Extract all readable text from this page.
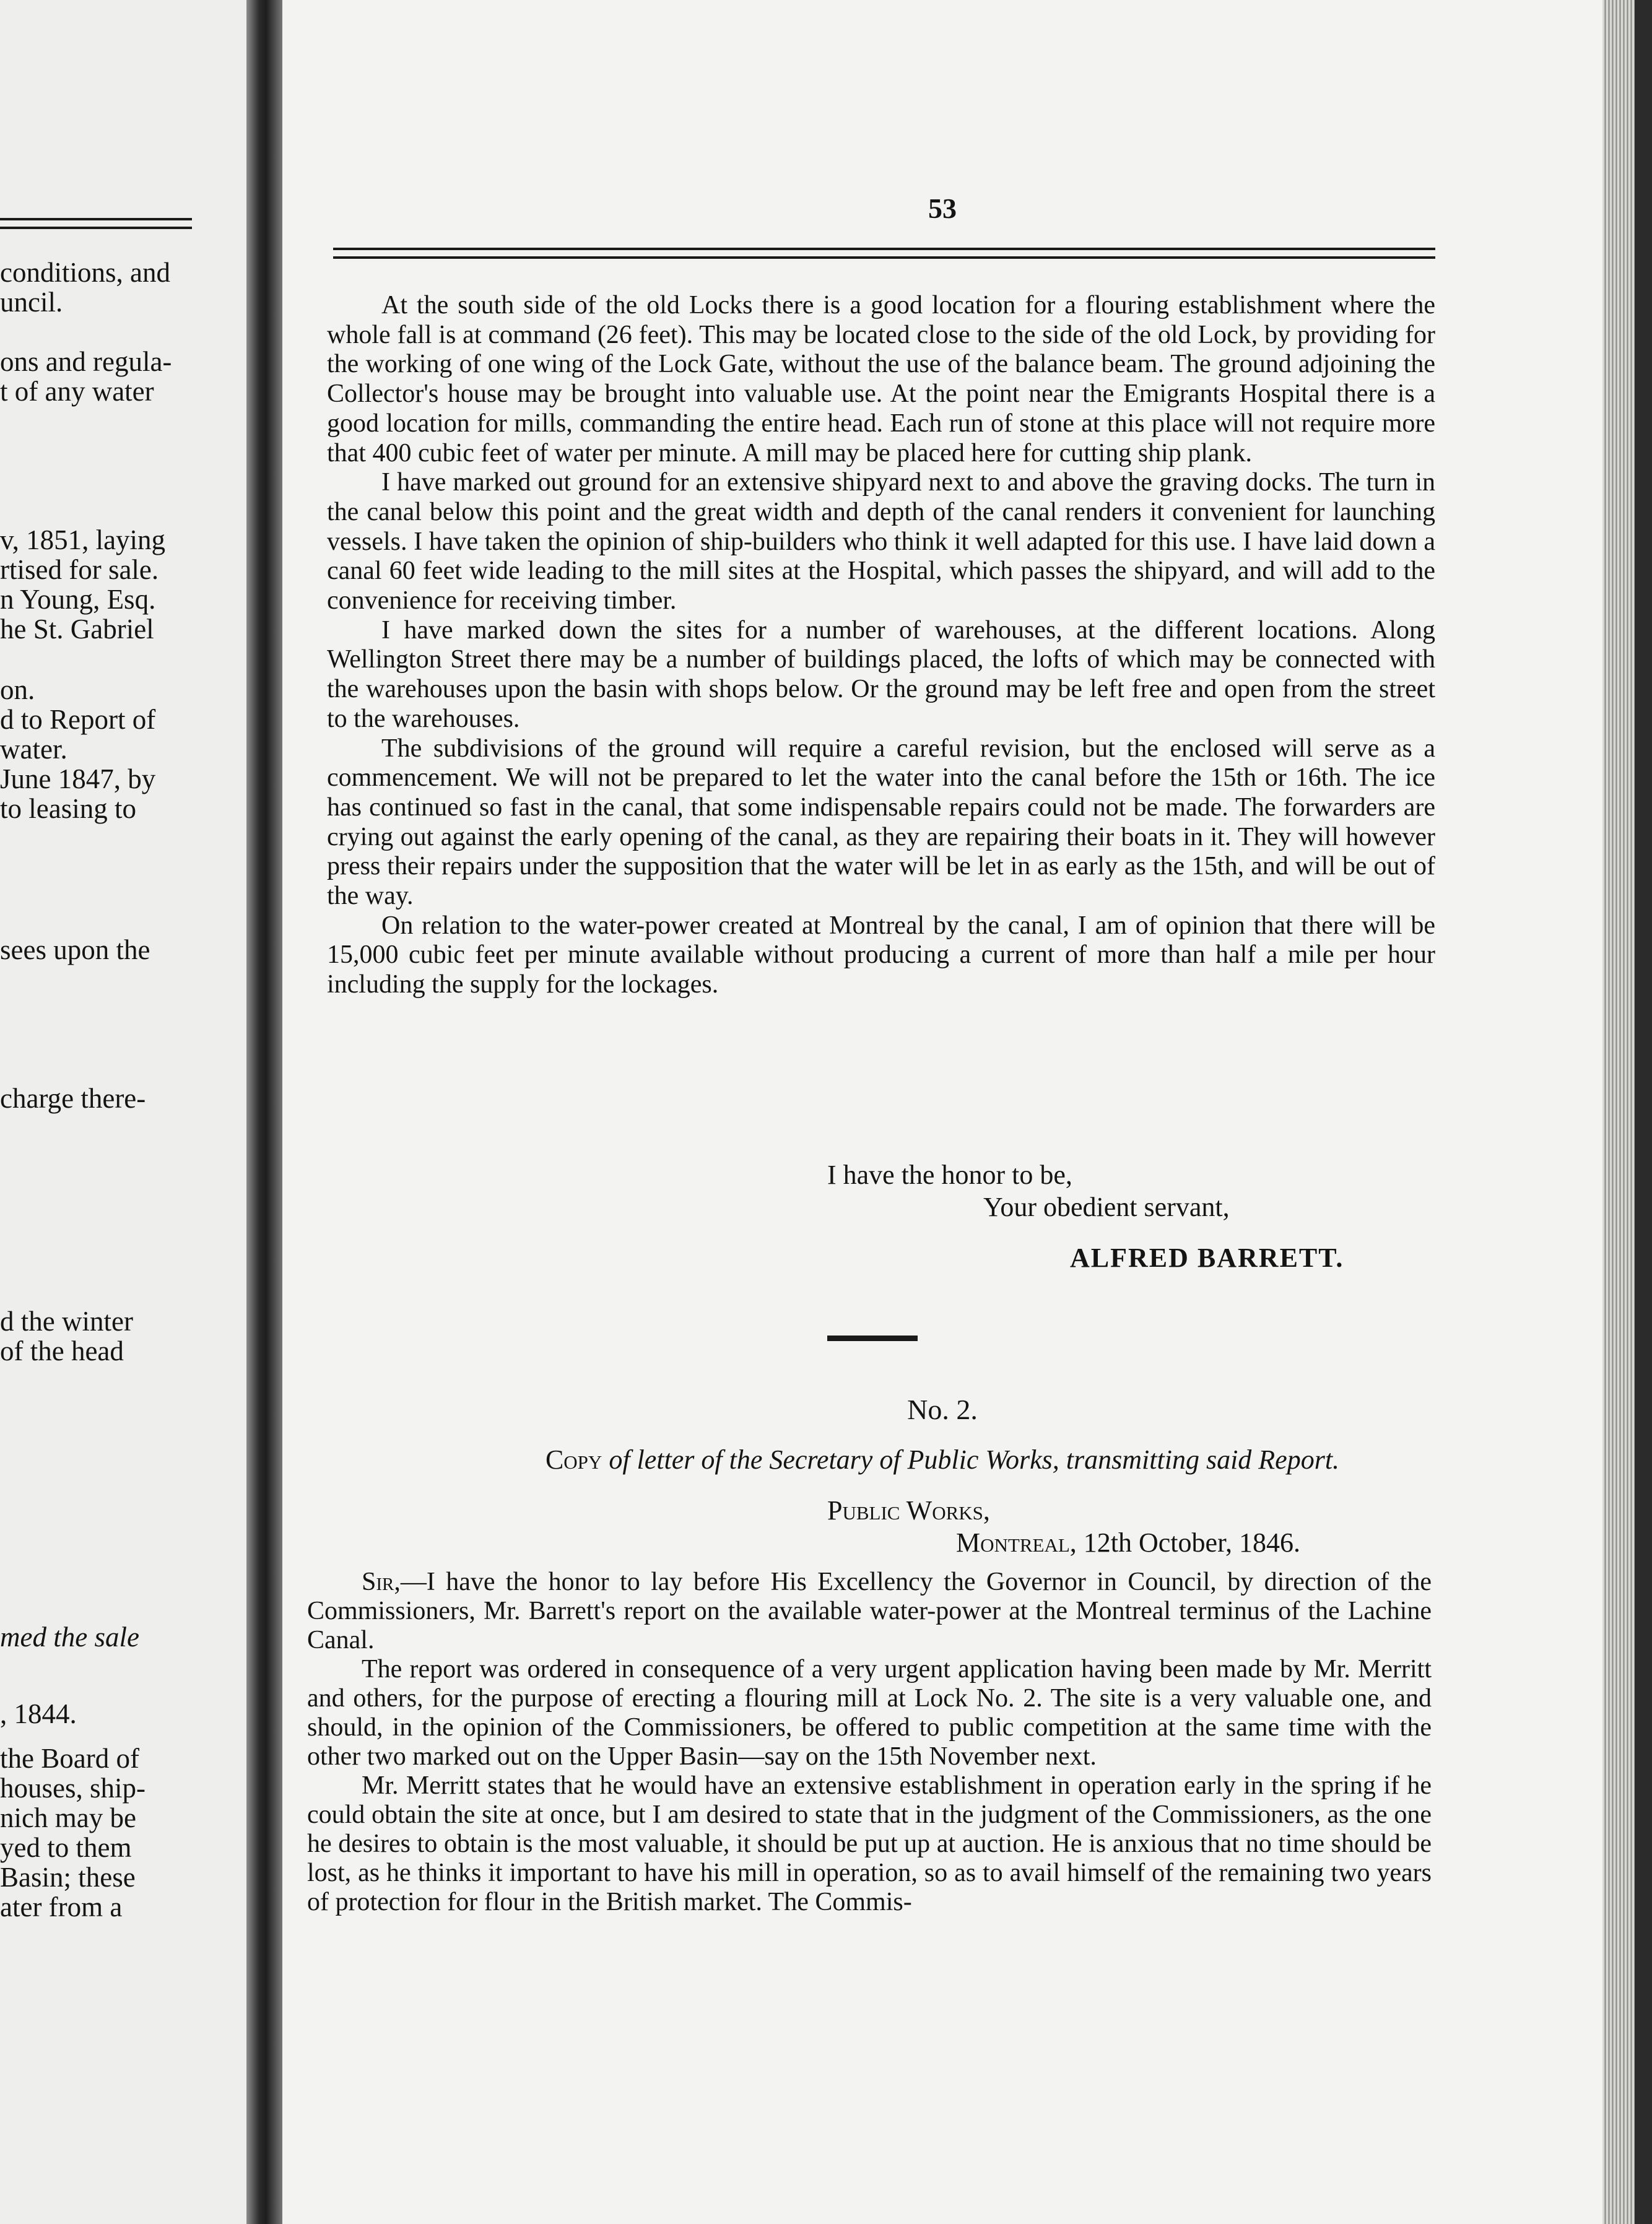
conditions, and
uncil.
ons and regula-
t of any water
v, 1851, laying
rtised for sale.
n Young, Esq.
he St. Gabriel
on.
d to Report of
water.
June 1847, by
to leasing to
sees upon the
charge there-
d the winter
of the head
med the sale
, 1844.
the Board of
houses, ship-
nich may be
yed to them
Basin; these
ater from a
53

At the south side of the old Locks there is a good location for a flouring establishment where the whole fall is at command (26 feet). This may be located close to the side of the old Lock, by providing for the working of one wing of the Lock Gate, without the use of the balance beam. The ground adjoining the Collector's house may be brought into valuable use. At the point near the Emigrants Hospital there is a good location for mills, commanding the entire head. Each run of stone at this place will not require more that 400 cubic feet of water per minute. A mill may be placed here for cutting ship plank.

I have marked out ground for an extensive shipyard next to and above the graving docks. The turn in the canal below this point and the great width and depth of the canal renders it convenient for launching vessels. I have taken the opinion of ship-builders who think it well adapted for this use. I have laid down a canal 60 feet wide leading to the mill sites at the Hospital, which passes the shipyard, and will add to the convenience for receiving timber.

I have marked down the sites for a number of warehouses, at the different locations. Along Wellington Street there may be a number of buildings placed, the lofts of which may be connected with the warehouses upon the basin with shops below. Or the ground may be left free and open from the street to the warehouses.

The subdivisions of the ground will require a careful revision, but the enclosed will serve as a commencement. We will not be prepared to let the water into the canal before the 15th or 16th. The ice has continued so fast in the canal, that some indispensable repairs could not be made. The forwarders are crying out against the early opening of the canal, as they are repairing their boats in it. They will however press their repairs under the supposition that the water will be let in as early as the 15th, and will be out of the way.

On relation to the water-power created at Montreal by the canal, I am of opinion that there will be 15,000 cubic feet per minute available without producing a current of more than half a mile per hour including the supply for the lockages.

I have the honor to be,
Your obedient servant,
ALFRED BARRETT.
No. 2.
Copy of letter of the Secretary of Public Works, transmitting said Report.
Public Works,
Montreal, 12th October, 1846.

Sir,—I have the honor to lay before His Excellency the Governor in Council, by direction of the Commissioners, Mr. Barrett's report on the available water-power at the Montreal terminus of the Lachine Canal.

The report was ordered in consequence of a very urgent application having been made by Mr. Merritt and others, for the purpose of erecting a flouring mill at Lock No. 2. The site is a very valuable one, and should, in the opinion of the Commissioners, be offered to public competition at the same time with the other two marked out on the Upper Basin—say on the 15th November next.

Mr. Merritt states that he would have an extensive establishment in operation early in the spring if he could obtain the site at once, but I am desired to state that in the judgment of the Commissioners, as the one he desires to obtain is the most valuable, it should be put up at auction. He is anxious that no time should be lost, as he thinks it important to have his mill in operation, so as to avail himself of the remaining two years of protection for flour in the British market. The Commis-
